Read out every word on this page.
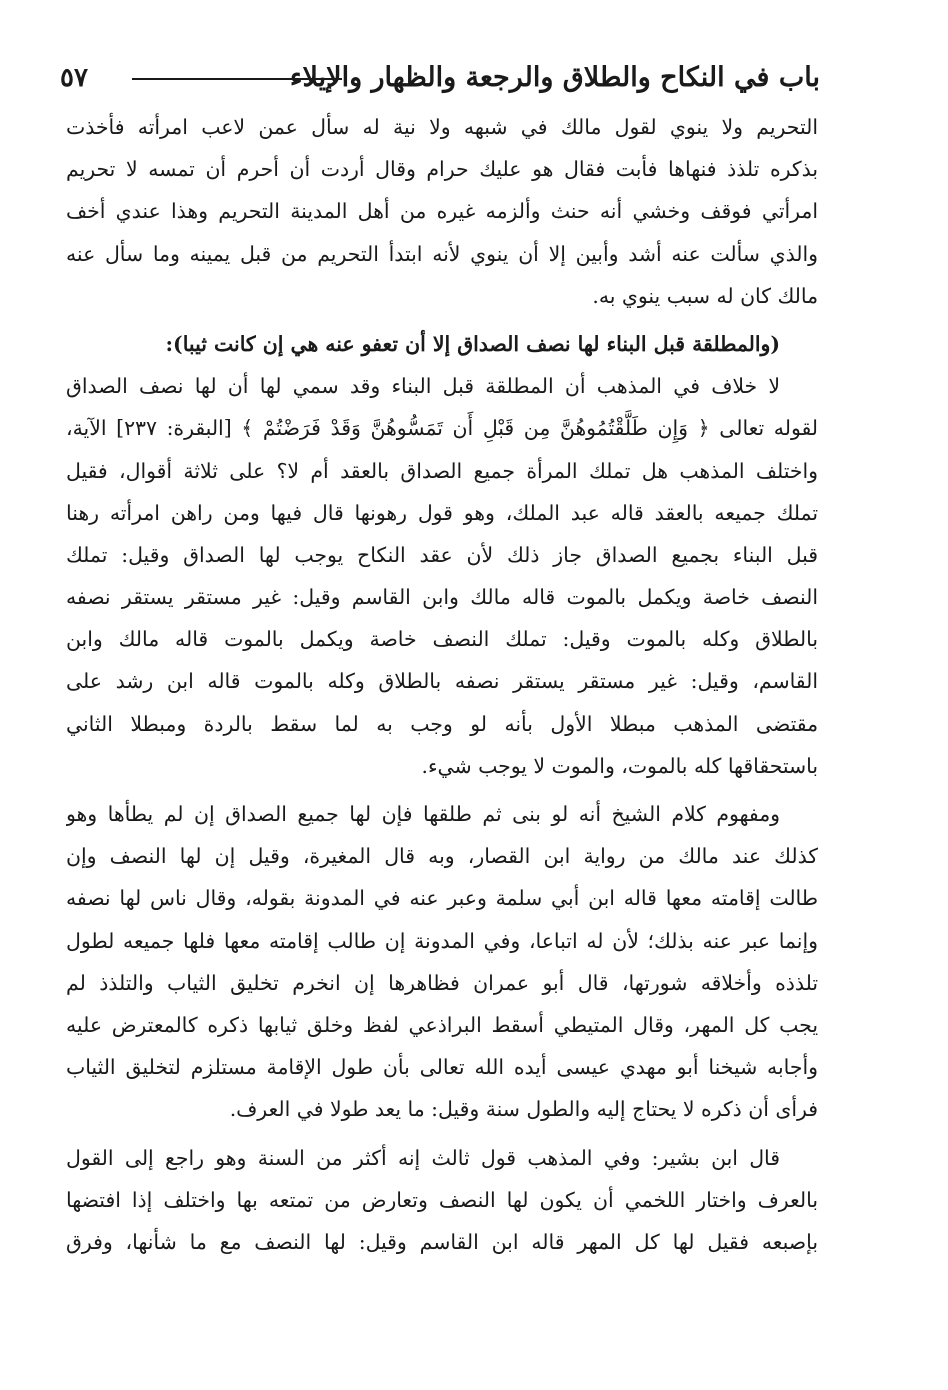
باب في النكاح والطلاق والرجعة والظهار والإيلاء
٥٧
التحريم ولا ينوي لقول مالك في شبهه ولا نية له سأل عمن لاعب امرأته فأخذت
بذكره تلذذ فنهاها فأبت فقال هو عليك حرام وقال أردت أن أحرم أن تمسه لا تحريم
امرأتي فوقف وخشي أنه حنث وألزمه غيره من أهل المدينة التحريم وهذا عندي أخف
والذي سألت عنه أشد وأبين إلا أن ينوي لأنه ابتدأ التحريم من قبل يمينه وما سأل عنه
مالك كان له سبب ينوي به.
(والمطلقة قبل البناء لها نصف الصداق إلا أن تعفو عنه هي إن كانت ثيبا):
لا خلاف في المذهب أن المطلقة قبل البناء وقد سمي لها أن لها نصف الصداق
لقوله تعالى ﴿ وَإِن طَلَّقْتُمُوهُنَّ مِن قَبْلِ أَن تَمَسُّوهُنَّ وَقَدْ فَرَضْتُمْ ﴾ [البقرة: ٢٣٧] الآية،
واختلف المذهب هل تملك المرأة جميع الصداق بالعقد أم لا؟ على ثلاثة أقوال، فقيل
تملك جميعه بالعقد قاله عبد الملك، وهو قول رهونها قال فيها ومن راهن امرأته رهنا
قبل البناء بجميع الصداق جاز ذلك لأن عقد النكاح يوجب لها الصداق وقيل: تملك
النصف خاصة ويكمل بالموت قاله مالك وابن القاسم وقيل: غير مستقر يستقر نصفه
بالطلاق وكله بالموت وقيل: تملك النصف خاصة ويكمل بالموت قاله مالك وابن
القاسم، وقيل: غير مستقر يستقر نصفه بالطلاق وكله بالموت قاله ابن رشد على
مقتضى المذهب مبطلا الأول بأنه لو وجب به لما سقط بالردة ومبطلا الثاني
باستحقاقها كله بالموت، والموت لا يوجب شيء.
ومفهوم كلام الشيخ أنه لو بنى ثم طلقها فإن لها جميع الصداق إن لم يطأها وهو
كذلك عند مالك من رواية ابن القصار، وبه قال المغيرة، وقيل إن لها النصف وإن
طالت إقامته معها قاله ابن أبي سلمة وعبر عنه في المدونة بقوله، وقال ناس لها نصفه
وإنما عبر عنه بذلك؛ لأن له اتباعا، وفي المدونة إن طالب إقامته معها فلها جميعه لطول
تلذذه وأخلاقه شورتها، قال أبو عمران فظاهرها إن انخرم تخليق الثياب والتلذذ لم
يجب كل المهر، وقال المتيطي أسقط البراذعي لفظ وخلق ثيابها ذكره كالمعترض عليه
وأجابه شيخنا أبو مهدي عيسى أيده الله تعالى بأن طول الإقامة مستلزم لتخليق الثياب
فرأى أن ذكره لا يحتاج إليه والطول سنة وقيل: ما يعد طولا في العرف.
قال ابن بشير: وفي المذهب قول ثالث إنه أكثر من السنة وهو راجع إلى القول
بالعرف واختار اللخمي أن يكون لها النصف وتعارض من تمتعه بها واختلف إذا افتضها
بإصبعه فقيل لها كل المهر قاله ابن القاسم وقيل: لها النصف مع ما شأنها، وفرق
